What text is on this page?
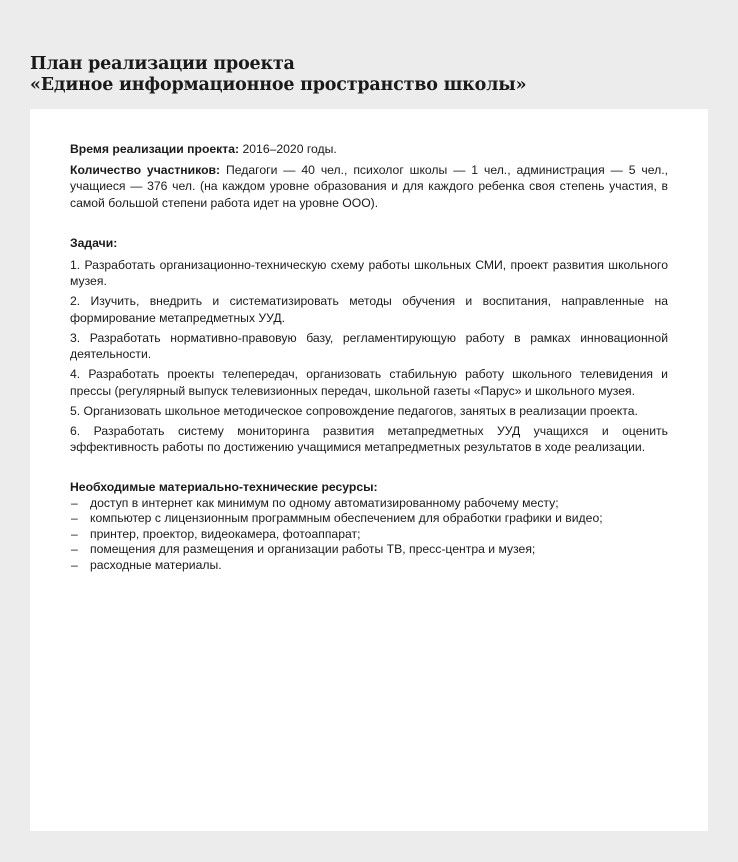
План реализации проекта
«Единое информационное пространство школы»

Время реализации проекта: 2016–2020 годы.

Количество участников: Педагоги — 40 чел., психолог школы — 1 чел., администрация — 5 чел., учащиеся — 376 чел. (на каждом уровне образования и для каждого ребенка своя степень участия, в самой большой степени работа идет на уровне ООО).

Задачи:

1. Разработать организационно-техническую схему работы школьных СМИ, проект развития школьного музея.

2. Изучить, внедрить и систематизировать методы обучения и воспитания, направленные на формирование метапредметных УУД.

3. Разработать нормативно-правовую базу, регламентирующую работу в рамках инновационной деятельности.

4. Разработать проекты телепередач, организовать стабильную работу школьного телевидения и прессы (регулярный выпуск телевизионных передач, школьной газеты «Парус» и школьного музея.

5. Организовать школьное методическое сопровождение педагогов, занятых в реализации проекта.

6. Разработать систему мониторинга развития метапредметных УУД учащихся и оценить эффективность работы по достижению учащимися метапредметных результатов в ходе реализации.

Необходимые материально-технические ресурсы:

– доступ в интернет как минимум по одному автоматизированному рабочему месту;
– компьютер с лицензионным программным обеспечением для обработки графики и видео;
– принтер, проектор, видеокамера, фотоаппарат;
– помещения для размещения и организации работы ТВ, пресс-центра и музея;
– расходные материалы.
